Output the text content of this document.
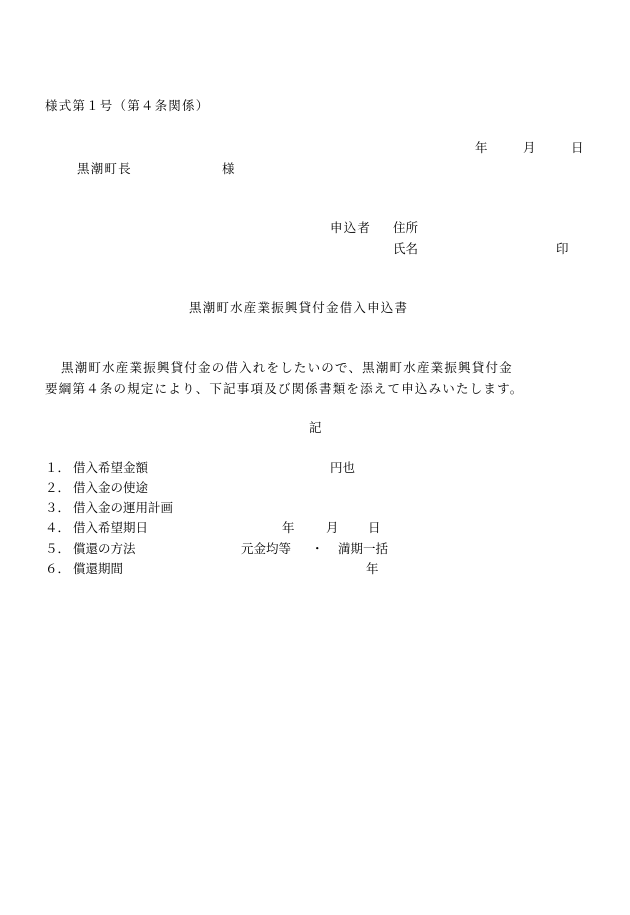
様式第１号（第４条関係）
年	月	日
黒潮町長	様
申込者 住所
氏名	印
黒潮町水産業振興貸付金借入申込書
黒潮町水産業振興貸付金の借入れをしたいので、黒潮町水産業振興貸付金
要綱第４条の規定により、下記事項及び関係書類を添えて申込みいたします。
記
１． 借入希望金額	円也
２． 借入金の使途
３． 借入金の運用計画
４． 借入希望期日	年	月 日
５． 償還の方法	元金均等 ・ 満期一括
６． 償還期間	年
